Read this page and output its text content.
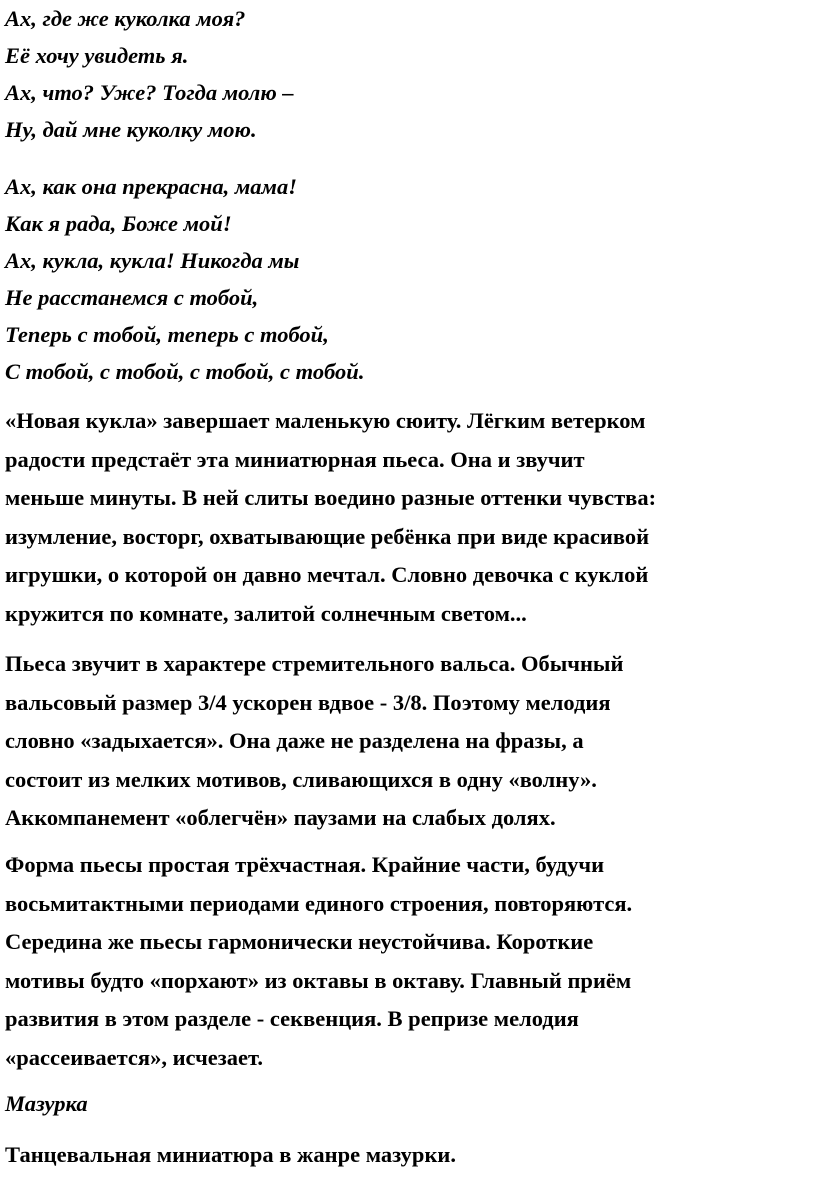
Ах, где же куколка моя?
Её хочу увидеть я.
Ах, что? Уже? Тогда молю –
Ну, дай мне куколку мою.
Ах, как она прекрасна, мама!
Как я рада, Боже мой!
Ах, кукла, кукла! Никогда мы
Не расстанемся с тобой,
Теперь с тобой, теперь с тобой,
С тобой, с тобой, с тобой, с тобой.
«Новая кукла» завершает маленькую сюиту. Лёгким ветерком
радости предстаёт эта миниатюрная пьеса. Она и звучит
меньше минуты. В ней слиты воедино разные оттенки чувства:
изумление, восторг, охватывающие ребёнка при виде красивой
игрушки, о которой он давно мечтал. Словно девочка с куклой
кружится по комнате, залитой солнечным светом...
Пьеса звучит в характере стремительного вальса. Обычный
вальсовый размер 3/4 ускорен вдвое - 3/8. Поэтому мелодия
словно «задыхается». Она даже не разделена на фразы, а
состоит из мелких мотивов, сливающихся в одну «волну».
Аккомпанемент «облегчён» паузами на слабых долях.
Форма пьесы простая трёхчастная. Крайние части, будучи
восьмитактными периодами единого строения, повторяются.
Середина же пьесы гармонически неустойчива. Короткие
мотивы будто «порхают» из октавы в октаву. Главный приём
развития в этом разделе - секвенция. В репризе мелодия
«рассеивается», исчезает.
Мазурка
Танцевальная миниатюра в жанре мазурки.
